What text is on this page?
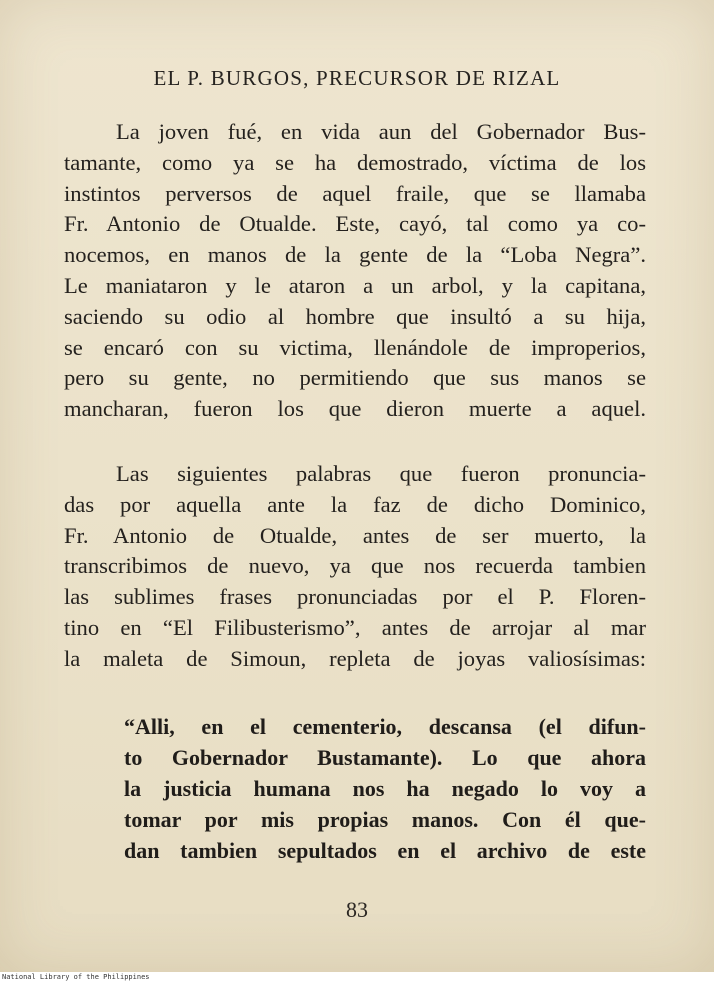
EL P. BURGOS, PRECURSOR DE RIZAL
La joven fué, en vida aun del Gobernador Bus-
tamante, como ya se ha demostrado, víctima de los
instintos perversos de aquel fraile, que se llamaba
Fr. Antonio de Otualde. Este, cayó, tal como ya co-
nocemos, en manos de la gente de la “Loba Negra”.
Le maniataron y le ataron a un arbol, y la capitana,
saciendo su odio al hombre que insultó a su hija,
se encaró con su victima, llenándole de improperios,
pero su gente, no permitiendo que sus manos se
mancharan, fueron los que dieron muerte a aquel.
Las siguientes palabras que fueron pronuncia-
das por aquella ante la faz de dicho Dominico,
Fr. Antonio de Otualde, antes de ser muerto, la
transcribimos de nuevo, ya que nos recuerda tambien
las sublimes frases pronunciadas por el P. Floren-
tino en “El Filibusterismo”, antes de arrojar al mar
la maleta de Simoun, repleta de joyas valiosísimas:
“Alli, en el cementerio, descansa (el difun-
to Gobernador Bustamante). Lo que ahora
la justicia humana nos ha negado lo voy a
tomar por mis propias manos. Con él que-
dan tambien sepultados en el archivo de este
83
National Library of the Philippines
